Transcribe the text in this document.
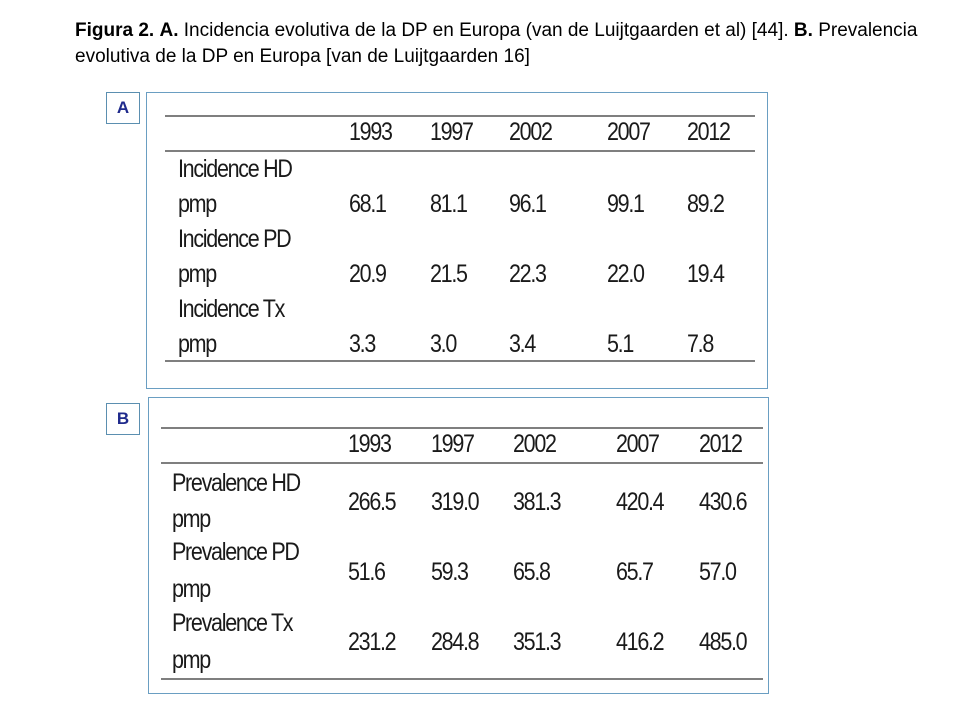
Figura 2. A. Incidencia evolutiva de la DP en Europa (van de Luijtgaarden et al) [44]. B. Prevalencia evolutiva de la DP en Europa [van de Luijtgaarden 16]
A
1993 1997 2002 2007 2012
Incidence HD
pmp	68.1 81.1 96.1 99.1 89.2
Incidence PD
pmp	20.9 21.5 22.3 22.0 19.4
Incidence Tx
pmp	3.3 3.0 3.4	5.1 7.8
B
1993 1997 2002 2007 2012
Prevalence HD
pmp
266.5 319.0 381.3 420.4 430.6
Prevalence PD
pmp
51.6 59.3 65.8	65.7 57.0
Prevalence Tx
pmp
231.2 284.8 351.3 416.2 485.0
